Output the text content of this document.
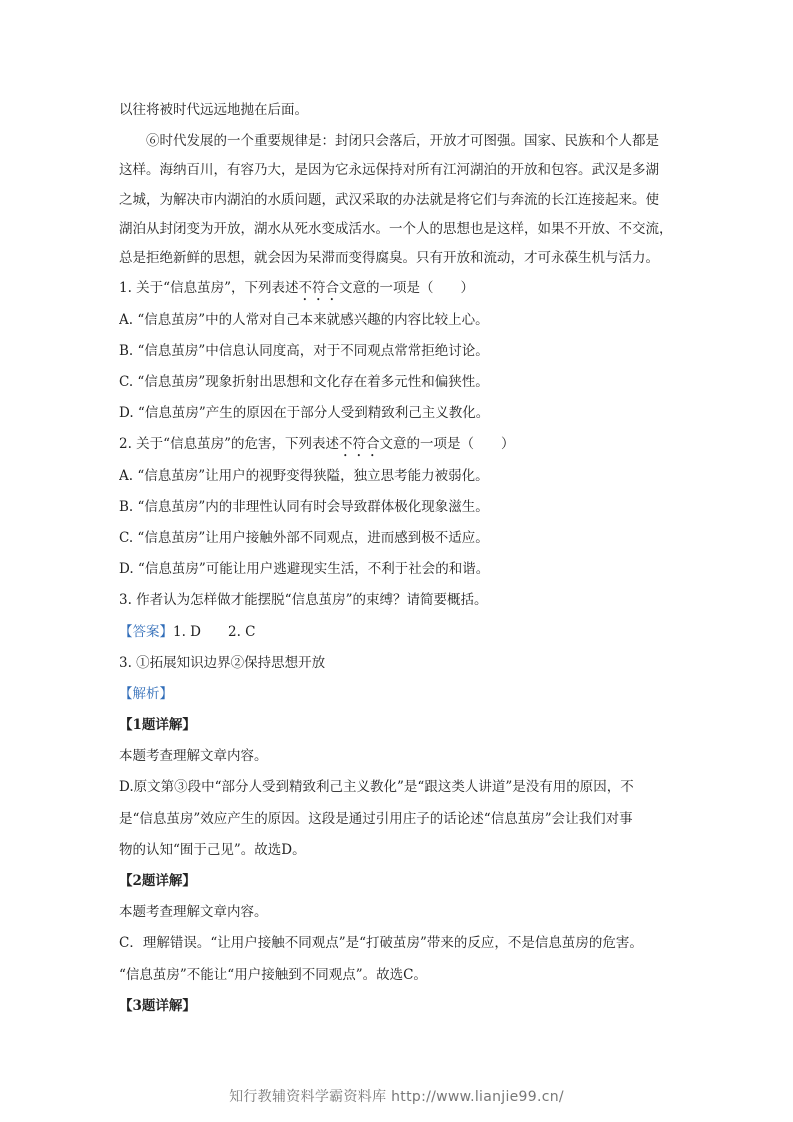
以往将被时代远远地抛在后面。
⑥时代发展的一个重要规律是：封闭只会落后，开放才可图强。国家、民族和个人都是
这样。海纳百川，有容乃大，是因为它永远保持对所有江河湖泊的开放和包容。武汉是多湖
之城，为解决市内湖泊的水质问题，武汉采取的办法就是将它们与奔流的长江连接起来。使
湖泊从封闭变为开放，湖水从死水变成活水。一个人的思想也是这样，如果不开放、不交流，
总是拒绝新鲜的思想，就会因为呆滞而变得腐臭。只有开放和流动，才可永葆生机与活力。
1. 关于“信息茧房”，下列表述不符合文意的一项是（　　）
A. “信息茧房”中的人常对自己本来就感兴趣的内容比较上心。
B. “信息茧房”中信息认同度高，对于不同观点常常拒绝讨论。
C. “信息茧房”现象折射出思想和文化存在着多元性和偏狭性。
D. “信息茧房”产生的原因在于部分人受到精致利己主义教化。
2. 关于“信息茧房”的危害，下列表述不符合文意的一项是（　　）
A. “信息茧房”让用户的视野变得狭隘，独立思考能力被弱化。
B. “信息茧房”内的非理性认同有时会导致群体极化现象滋生。
C. “信息茧房”让用户接触外部不同观点，进而感到极不适应。
D. “信息茧房”可能让用户逃避现实生活，不利于社会的和谐。
3. 作者认为怎样做才能摆脱“信息茧房”的束缚？请简要概括。
【答案】1. D　　2. C
3. ①拓展知识边界②保持思想开放
【解析】
【1题详解】
本题考查理解文章内容。
D.原文第③段中“部分人受到精致利己主义教化”是“跟这类人讲道”是没有用的原因，不
是“信息茧房”效应产生的原因。这段是通过引用庄子的话论述“信息茧房”会让我们对事
物的认知“囿于己见”。故选D。
【2题详解】
本题考查理解文章内容。
C．理解错误。“让用户接触不同观点”是“打破茧房”带来的反应，不是信息茧房的危害。
“信息茧房”不能让“用户接触到不同观点”。故选C。
【3题详解】
知行教辅资料学霸资料库 http://www.lianjie99.cn/
